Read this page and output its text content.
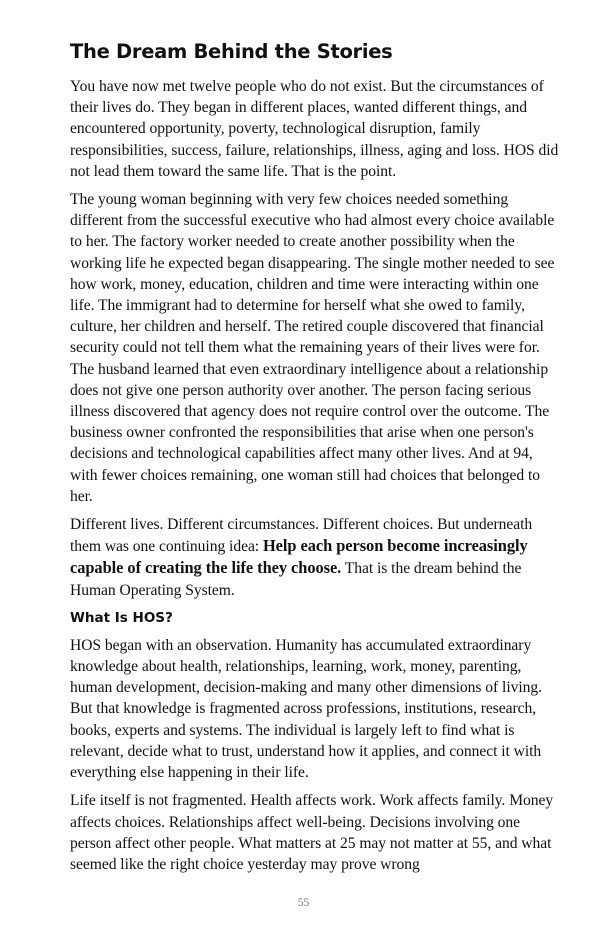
The Dream Behind the Stories

You have now met twelve people who do not exist. But the circumstances of their lives do. They began in different places, wanted different things, and encountered opportunity, poverty, technological disruption, family responsibilities, success, failure, relationships, illness, aging and loss. HOS did not lead them toward the same life. That is the point.

The young woman beginning with very few choices needed something different from the successful executive who had almost every choice available to her. The factory worker needed to create another possibility when the working life he expected began disappearing. The single mother needed to see how work, money, education, children and time were interacting within one life. The immigrant had to determine for herself what she owed to family, culture, her children and herself. The retired couple discovered that financial security could not tell them what the remaining years of their lives were for. The husband learned that even extraordinary intelligence about a relationship does not give one person authority over another. The person facing serious illness discovered that agency does not require control over the outcome. The business owner confronted the responsibilities that arise when one person's decisions and technological capabilities affect many other lives. And at 94, with fewer choices remaining, one woman still had choices that belonged to her.

Different lives. Different circumstances. Different choices. But underneath them was one continuing idea: Help each person become increasingly capable of creating the life they choose. That is the dream behind the Human Operating System.

What Is HOS?

HOS began with an observation. Humanity has accumulated extraordinary knowledge about health, relationships, learning, work, money, parenting, human development, decision-making and many other dimensions of living. But that knowledge is fragmented across professions, institutions, research, books, experts and systems. The individual is largely left to find what is relevant, decide what to trust, understand how it applies, and connect it with everything else happening in their life.

Life itself is not fragmented. Health affects work. Work affects family. Money affects choices. Relationships affect well-being. Decisions involving one person affect other people. What matters at 25 may not matter at 55, and what seemed like the right choice yesterday may prove wrong

55
